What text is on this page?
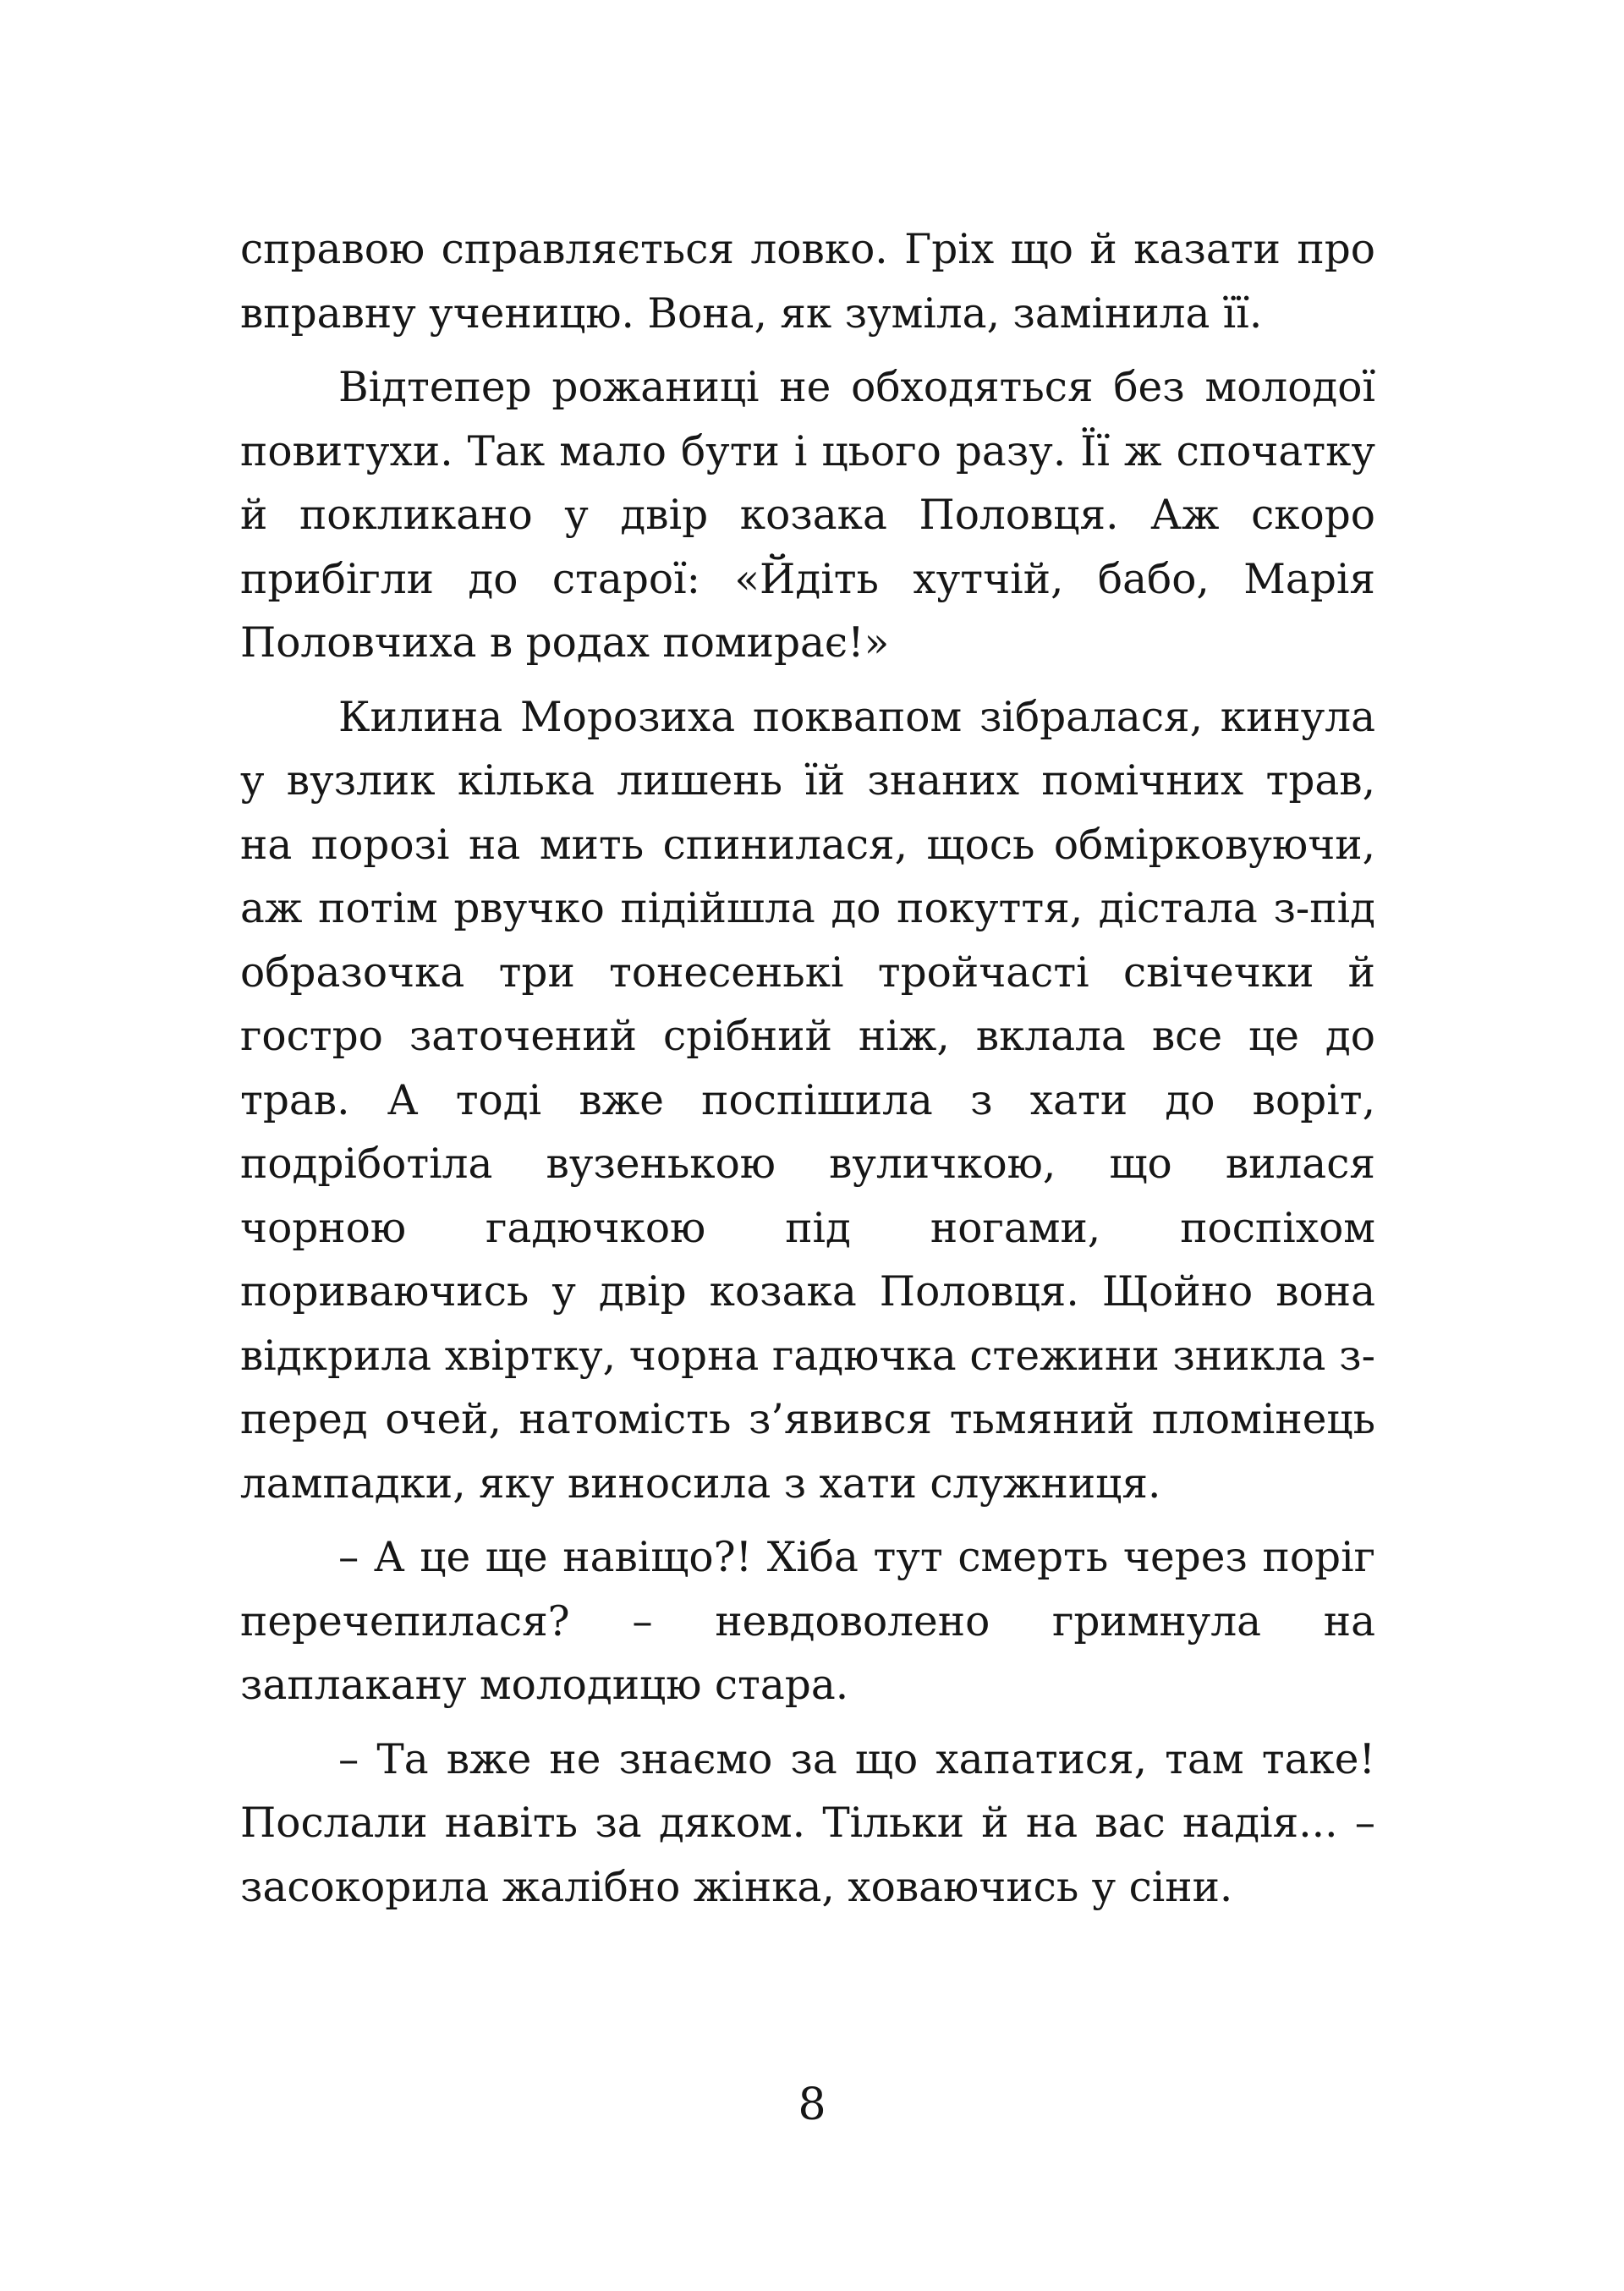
справою справляється ловко. Гріх що й казати про вправну ученицю. Вона, як зуміла, замінила її.

Відтепер рожаниці не обходяться без молодої повитухи. Так мало бути і цього разу. Її ж спочатку й покликано у двір козака Половця. Аж скоро прибігли до старої: «Йдіть хутчій, бабо, Марія Половчиха в родах помирає!»

Килина Морозиха поквапом зібралася, кинула у вузлик кілька лишень їй знаних помічних трав, на порозі на мить спинилася, щось обмірковуючи, аж потім рвучко підійшла до покуття, дістала з-під образочка три тонесенькі тройчасті свічечки й гостро заточений срібний ніж, вклала все це до трав. А тоді вже поспішила з хати до воріт, подріботіла вузенькою вуличкою, що вилася чорною гадючкою під ногами, поспіхом пориваючись у двір козака Половця. Щойно вона відкрила хвіртку, чорна гадючка стежини зникла з-перед очей, натомість з’явився тьмяний пломінець лампадки, яку виносила з хати служниця.

– А це ще навіщо?! Хіба тут смерть через поріг перечепилася? – невдоволено гримнула на заплакану молодицю стара.

– Та вже не знаємо за що хапатися, там таке! Послали навіть за дяком. Тільки й на вас надія... – засокорила жалібно жінка, ховаючись у сіни.

8
